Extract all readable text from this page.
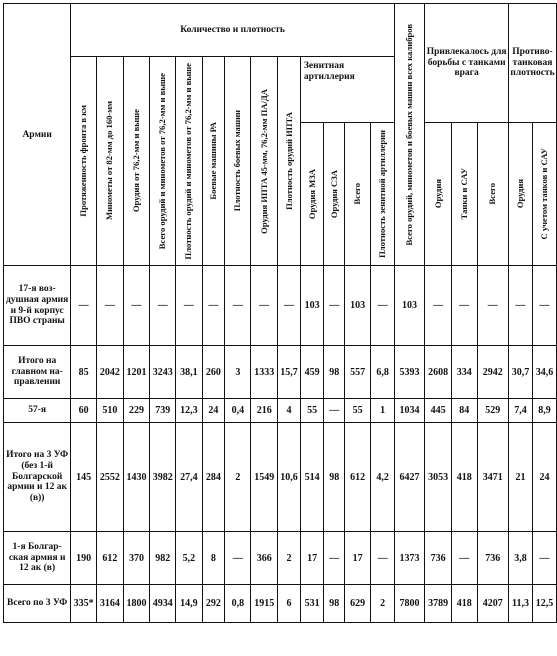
Армии	Количество и плотность													Всего орудий, минометов и боевых машин всех калибров	Привлекалось для борьбы с танками врага			Противо-танковая плотность	

	Протяженность фронта в км	Минометы от 82-мм до 160-мм	Орудия от 76,2-мм и выше	Всего орудий и минометов от 76,2-мм и выше	Плотность орудий и минометов от 76,2-мм и выше	Боевые машины РА	Плотность боевых машин	Орудия ИПТА 45-мм, 76,2-мм ПА/ДА	Плотность орудий ИПТА	Зенитная артиллерия									

										Орудия МЗА	Орудия СЗА	Всего	Плотность зенитной артиллерии		Орудия	Танки и САУ	Всего	Орудия	С учетом танков и САУ

17-я воз-душная армия и 9-й корпус ПВО страны	—	—	—	—	—	—	—	—	—	103	—	103	—	103	—	—	—	—	—
Итого на главном на-правлении	85	2042	1201	3243	38,1	260	3	1333	15,7	459	98	557	6,8	5393	2608	334	2942	30,7	34,6
57-я	60	510	229	739	12,3	24	0,4	216	4	55	—	55	1	1034	445	84	529	7,4	8,9
Итого на 3 УФ (без 1-й Болгарской армии и 12 ак (в))	145	2552	1430	3982	27,4	284	2	1549	10,6	514	98	612	4,2	6427	3053	418	3471	21	24
1-я Болгар-ская армия и 12 ак (в)	190	612	370	982	5,2	8	—	366	2	17	—	17	—	1373	736	—	736	3,8	—
Всего по 3 УФ	335*	3164	1800	4934	14,9	292	0,8	1915	6	531	98	629	2	7800	3789	418	4207	11,3	12,5
